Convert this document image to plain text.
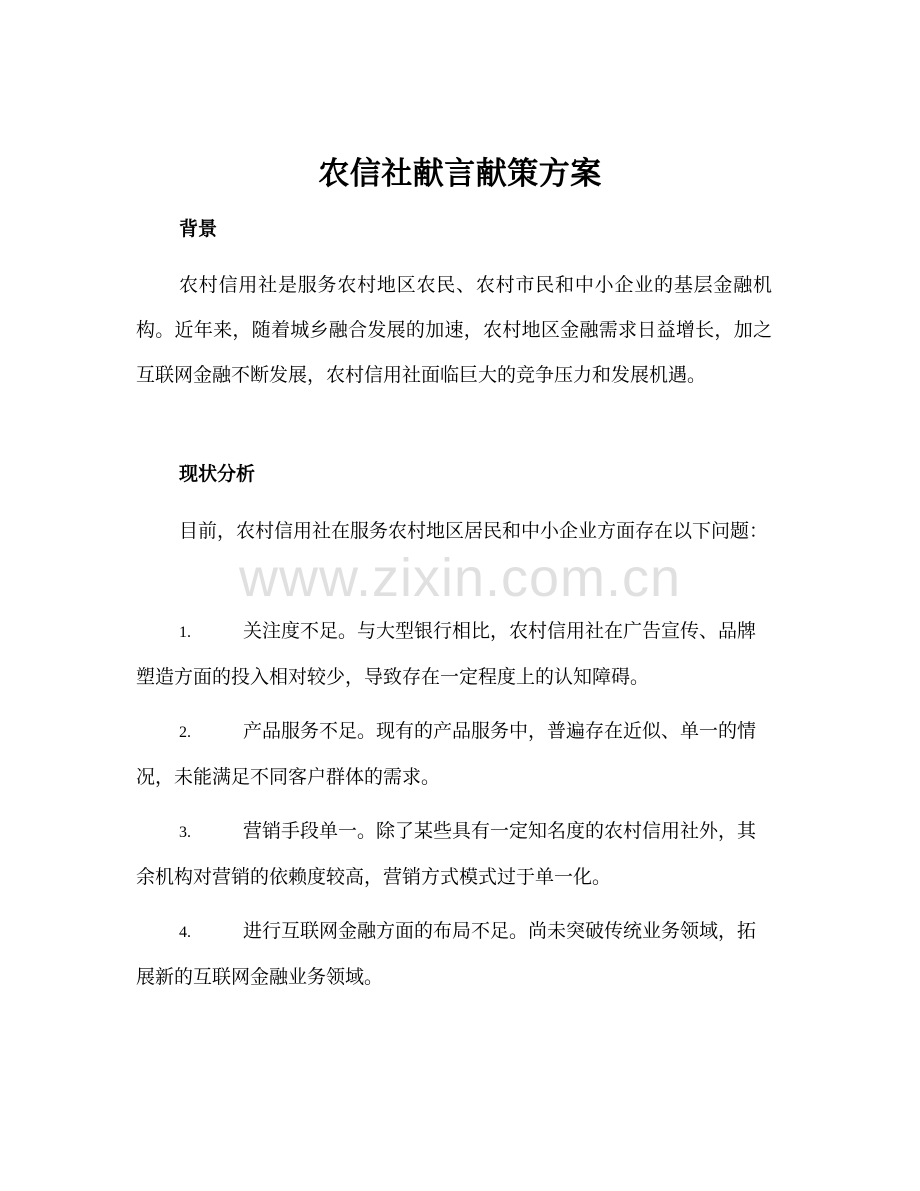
农信社献言献策方案
背景

农村信用社是服务农村地区农民、农村市民和中小企业的基层金融机构。近年来，随着城乡融合发展的加速，农村地区金融需求日益增长，加之互联网金融不断发展，农村信用社面临巨大的竞争压力和发展机遇。

现状分析

目前，农村信用社在服务农村地区居民和中小企业方面存在以下问题：

1.	关注度不足。与大型银行相比，农村信用社在广告宣传、品牌塑造方面的投入相对较少，导致存在一定程度上的认知障碍。

2.	产品服务不足。现有的产品服务中，普遍存在近似、单一的情况，未能满足不同客户群体的需求。

3.	营销手段单一。除了某些具有一定知名度的农村信用社外，其余机构对营销的依赖度较高，营销方式模式过于单一化。

4.	进行互联网金融方面的布局不足。尚未突破传统业务领域，拓展新的互联网金融业务领域。

www.zixin.com.cn
